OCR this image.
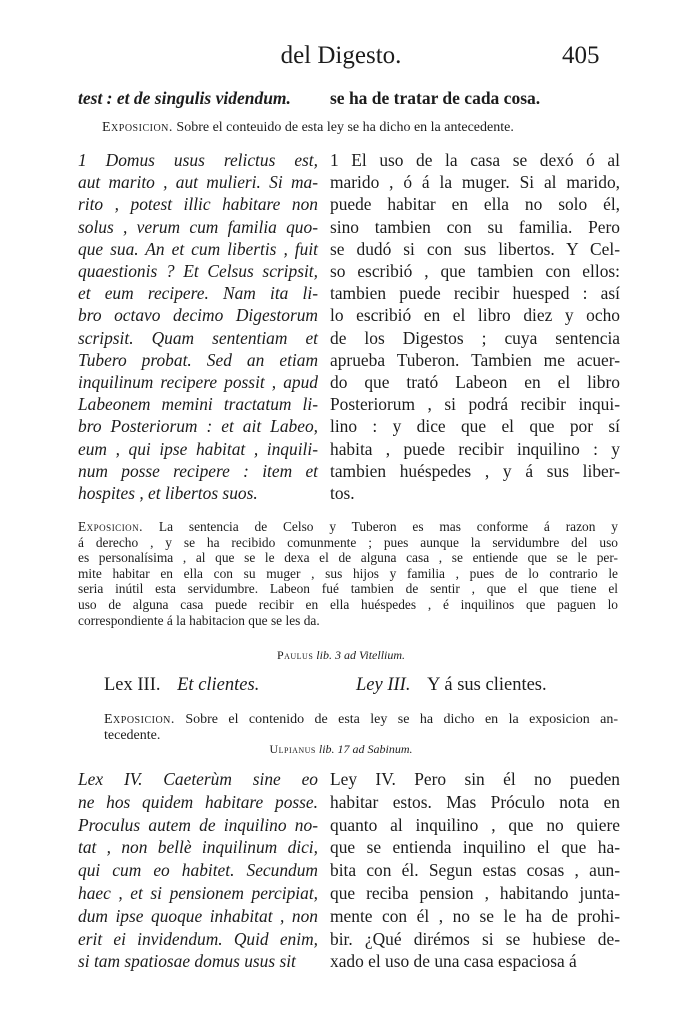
del Digesto.	405
test : et de singulis videndum.	se ha de tratar de cada cosa.
Exposicion. Sobre el conteuido de esta ley se ha dicho en la antecedente.
1 Domus usus relictus est,
aut marito , aut mulieri. Si ma-
rito , potest illic habitare non
solus , verum cum familia quo-
que sua. An et cum libertis , fuit
quaestionis ? Et Celsus scripsit,
et eum recipere. Nam ita li-
bro octavo decimo Digestorum
scripsit. Quam sententiam et
Tubero probat. Sed an etiam
inquilinum recipere possit , apud
Labeonem memini tractatum li-
bro Posteriorum : et ait Labeo,
eum , qui ipse habitat , inquili-
num posse recipere : item et
hospites , et libertos suos.
1 El uso de la casa se dexó ó al
marido , ó á la muger. Si al marido,
puede habitar en ella no solo él,
sino tambien con su familia. Pero
se dudó si con sus libertos. Y Cel-
so escribió , que tambien con ellos:
tambien puede recibir huesped : así
lo escribió en el libro diez y ocho
de los Digestos ; cuya sentencia
aprueba Tuberon. Tambien me acuer-
do que trató Labeon en el libro
Posteriorum , si podrá recibir inqui-
lino : y dice que el que por sí
habita , puede recibir inquilino : y
tambien huéspedes , y á sus liber-
tos.
Exposicion. La sentencia de Celso y Tuberon es mas conforme á razon y
á derecho , y se ha recibido comunmente ; pues aunque la servidumbre del uso
es personalísima , al que se le dexa el de alguna casa , se entiende que se le per-
mite habitar en ella con su muger , sus hijos y familia , pues de lo contrario le
seria inútil esta servidumbre. Labeon fué tambien de sentir , que el que tiene el
uso de alguna casa puede recibir en ella huéspedes , é inquilinos que paguen lo
correspondiente á la habitacion que se les da.
Paulus lib. 3 ad Vitellium.
Lex III. Et clientes.	Ley III. Y á sus clientes.
Exposicion. Sobre el contenido de esta ley se ha dicho en la exposicion an-
tecedente.
Ulpianus lib. 17 ad Sabinum.
Lex IV. Caeterùm sine eo
ne hos quidem habitare posse.
Proculus autem de inquilino no-
tat , non bellè inquilinum dici,
qui cum eo habitet. Secundum
haec , et si pensionem percipiat,
dum ipse quoque inhabitat , non
erit ei invidendum. Quid enim,
si tam spatiosae domus usus sit
Ley IV. Pero sin él no pueden
habitar estos. Mas Próculo nota en
quanto al inquilino , que no quiere
que se entienda inquilino el que ha-
bita con él. Segun estas cosas , aun-
que reciba pension , habitando junta-
mente con él , no se le ha de prohi-
bir. ¿Qué dirémos si se hubiese de-
xado el uso de una casa espaciosa á
